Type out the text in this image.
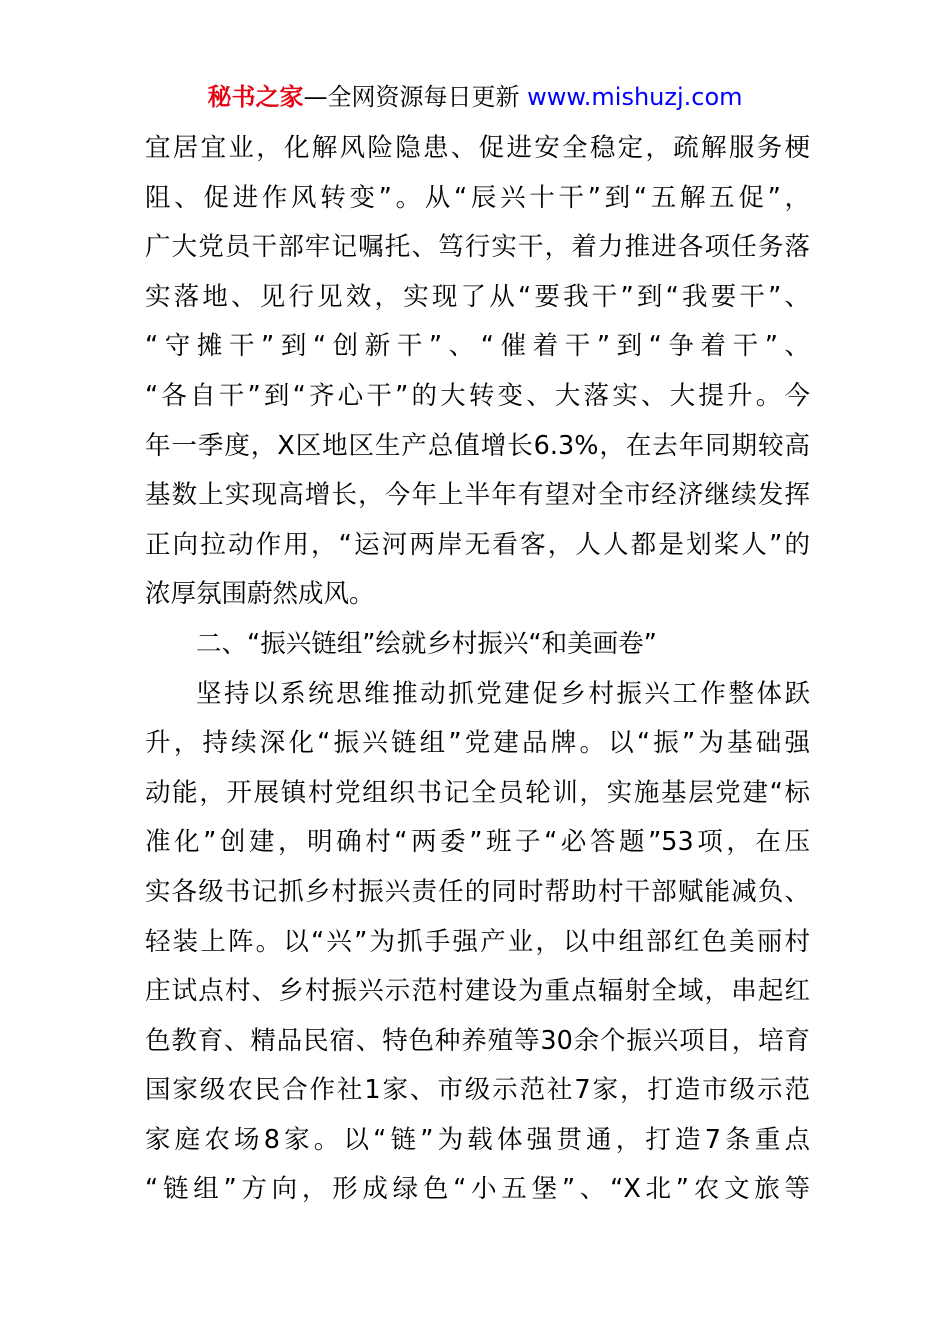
秘书之家—全网资源每日更新 www.mishuzj.com
宜居宜业，化解风险隐患、促进安全稳定，疏解服务梗
阻、促进作风转变”。从“辰兴十干”到“五解五促”，
广大党员干部牢记嘱托、笃行实干，着力推进各项任务落
实落地、见行见效，实现了从“要我干”到“我要干”、
“守摊干”到“创新干”、“催着干”到“争着干”、
“各自干”到“齐心干”的大转变、大落实、大提升。今
年一季度，X区地区生产总值增长6.3%，在去年同期较高
基数上实现高增长，今年上半年有望对全市经济继续发挥
正向拉动作用，“运河两岸无看客，人人都是划桨人”的
浓厚氛围蔚然成风。
二、“振兴链组”绘就乡村振兴“和美画卷”
坚持以系统思维推动抓党建促乡村振兴工作整体跃
升，持续深化“振兴链组”党建品牌。以“振”为基础强
动能，开展镇村党组织书记全员轮训，实施基层党建“标
准化”创建，明确村“两委”班子“必答题”53项，在压
实各级书记抓乡村振兴责任的同时帮助村干部赋能减负、
轻装上阵。以“兴”为抓手强产业，以中组部红色美丽村
庄试点村、乡村振兴示范村建设为重点辐射全域，串起红
色教育、精品民宿、特色种养殖等30余个振兴项目，培育
国家级农民合作社1家、市级示范社7家，打造市级示范
家庭农场8家。以“链”为载体强贯通，打造7条重点
“链组”方向，形成绿色“小五堡”、“X北”农文旅等
